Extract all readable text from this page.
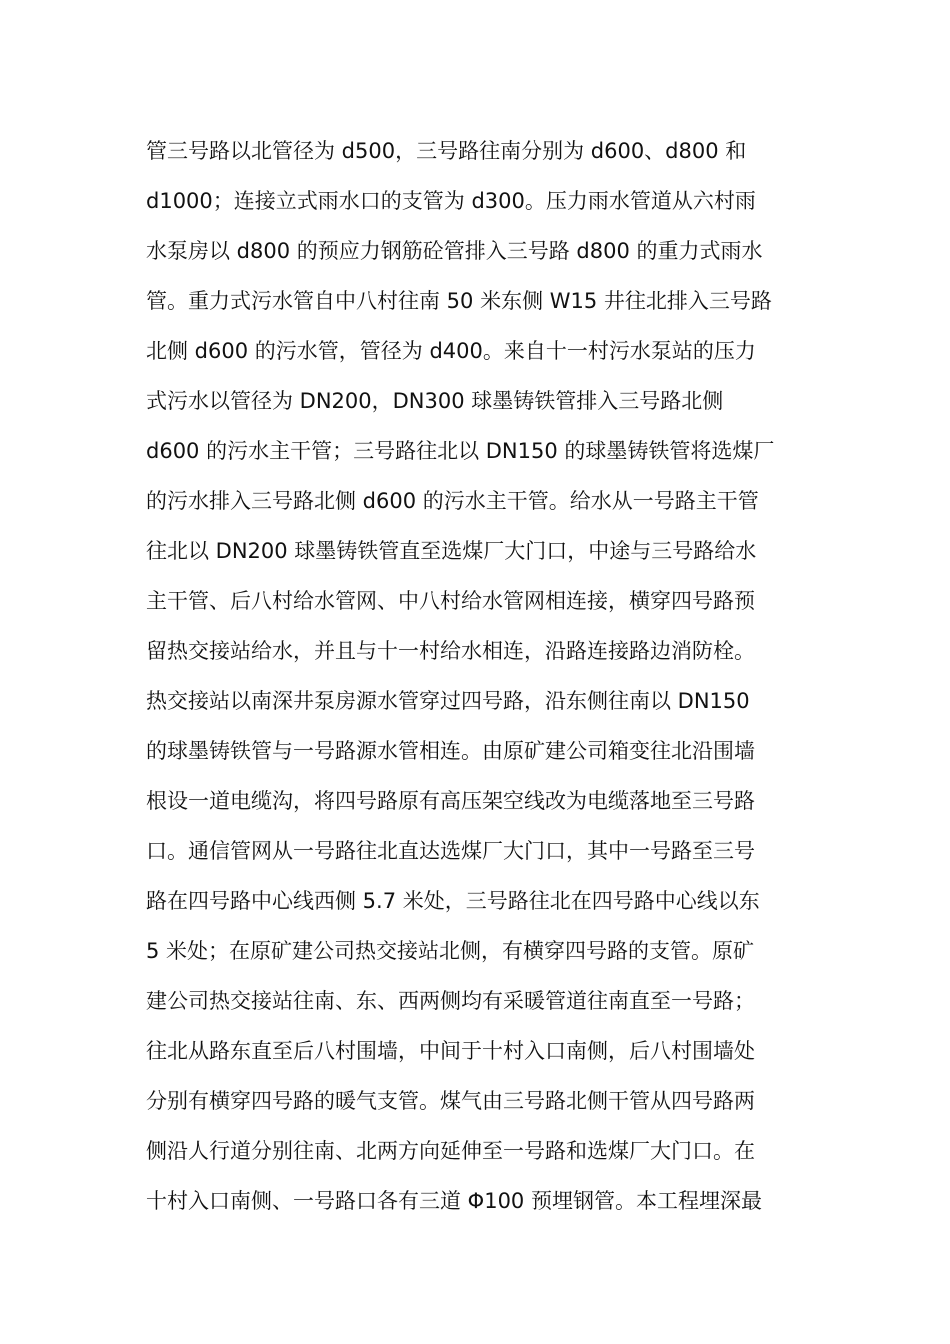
管三号路以北管径为 d500，三号路往南分别为 d600、d800 和
d1000；连接立式雨水口的支管为 d300。压力雨水管道从六村雨
水泵房以 d800 的预应力钢筋砼管排入三号路 d800 的重力式雨水
管。重力式污水管自中八村往南 50 米东侧 W15 井往北排入三号路
北侧 d600 的污水管，管径为 d400。来自十一村污水泵站的压力
式污水以管径为 DN200，DN300 球墨铸铁管排入三号路北侧
d600 的污水主干管；三号路往北以 DN150 的球墨铸铁管将选煤厂
的污水排入三号路北侧 d600 的污水主干管。给水从一号路主干管
往北以 DN200 球墨铸铁管直至选煤厂大门口，中途与三号路给水
主干管、后八村给水管网、中八村给水管网相连接，横穿四号路预
留热交接站给水，并且与十一村给水相连，沿路连接路边消防栓。
热交接站以南深井泵房源水管穿过四号路，沿东侧往南以 DN150
的球墨铸铁管与一号路源水管相连。由原矿建公司箱变往北沿围墙
根设一道电缆沟，将四号路原有高压架空线改为电缆落地至三号路
口。通信管网从一号路往北直达选煤厂大门口，其中一号路至三号
路在四号路中心线西侧 5.7 米处，三号路往北在四号路中心线以东
5 米处；在原矿建公司热交接站北侧，有横穿四号路的支管。原矿
建公司热交接站往南、东、西两侧均有采暖管道往南直至一号路；
往北从路东直至后八村围墙，中间于十村入口南侧，后八村围墙处
分别有横穿四号路的暖气支管。煤气由三号路北侧干管从四号路两
侧沿人行道分别往南、北两方向延伸至一号路和选煤厂大门口。在
十村入口南侧、一号路口各有三道 Φ100 预埋钢管。本工程埋深最
